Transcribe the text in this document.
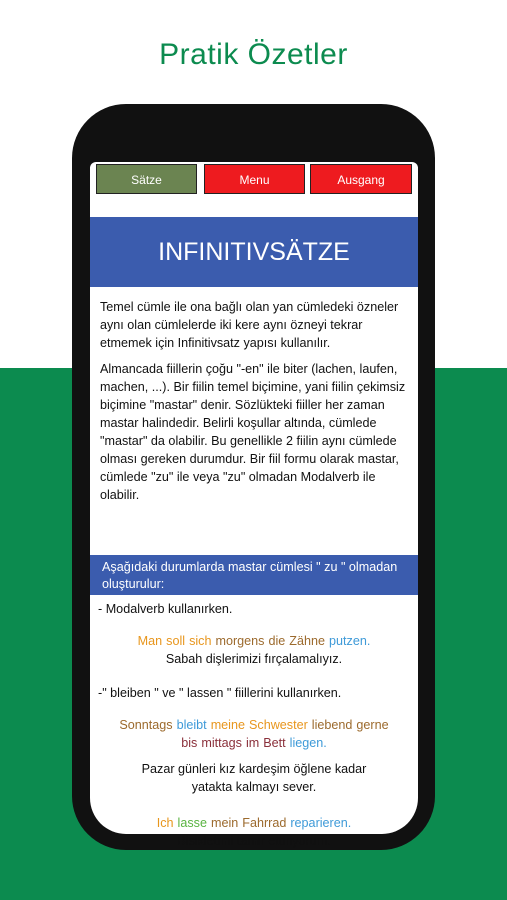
Pratik Özetler
Sätze	Menu	Ausgang
INFINITIVSÄTZE

Temel cümle ile ona bağlı olan yan cümledeki özneler aynı olan cümlelerde iki kere aynı özneyi tekrar etmemek için Infinitivsatz yapısı kullanılır.

Almancada fiillerin çoğu "-en" ile biter (lachen, laufen, machen, ...). Bir fiilin temel biçimine, yani fiilin çekimsiz biçimine "mastar" denir. Sözlükteki fiiller her zaman mastar halindedir. Belirli koşullar altında, cümlede "mastar" da olabilir. Bu genellikle 2 fiilin aynı cümlede olması gereken durumdur. Bir fiil formu olarak mastar, cümlede "zu" ile veya "zu" olmadan Modalverb ile olabilir.

Aşağıdaki durumlarda mastar cümlesi " zu " olmadan oluşturulur:

- Modalverb kullanırken.

Man soll sich morgens die Zähne putzen.

Sabah dişlerimizi fırçalamalıyız.

-" bleiben " ve " lassen " fiillerini kullanırken.

Sonntags bleibt meine Schwester liebend gerne

bis mittags im Bett liegen.

Pazar günleri kız kardeşim öğlene kadar

yatakta kalmayı sever.

Ich lasse mein Fahrrad reparieren.

Bisikletimi tamir ettiriyorum.
